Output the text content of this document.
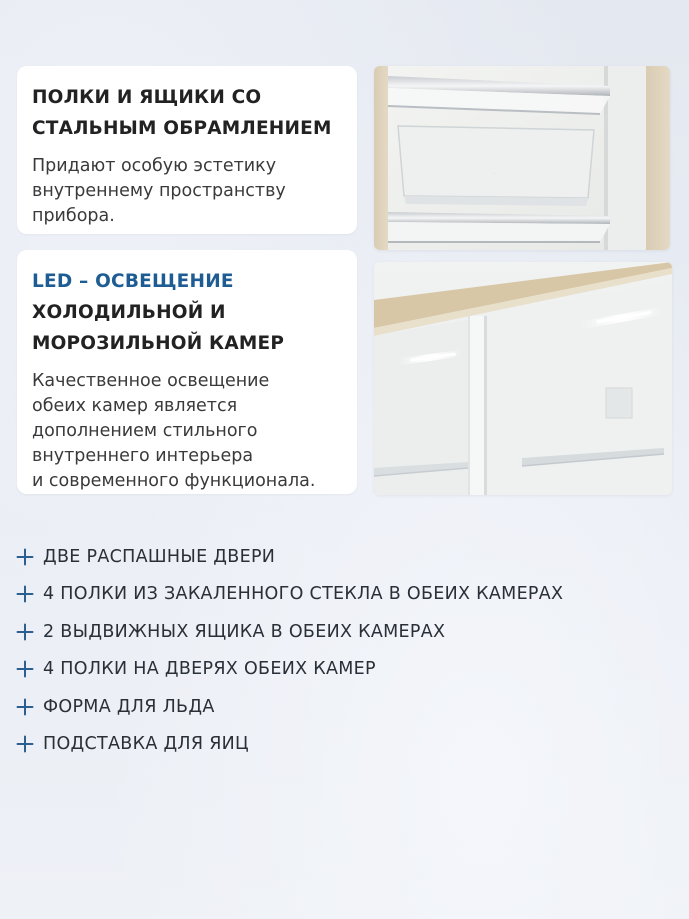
ПОЛКИ И ЯЩИКИ СО
СТАЛЬНЫМ ОБРАМЛЕНИЕМ

Придают особую эстетику
внутреннему пространству
прибора.

.

LED – ОСВЕЩЕНИЕ
ХОЛОДИЛЬНОЙ И
МОРОЗИЛЬНОЙ КАМЕР

Качественное освещение
обеих камер является
дополнением стильного
внутреннего интерьера
и современного функционала.

ДВЕ РАСПАШНЫЕ ДВЕРИ
4 ПОЛКИ ИЗ ЗАКАЛЕННОГО СТЕКЛА В ОБЕИХ КАМЕРАХ
2 ВЫДВИЖНЫХ ЯЩИКА В ОБЕИХ КАМЕРАХ
4 ПОЛКИ НА ДВЕРЯХ ОБЕИХ КАМЕР
ФОРМА ДЛЯ ЛЬДА
ПОДСТАВКА ДЛЯ ЯИЦ
